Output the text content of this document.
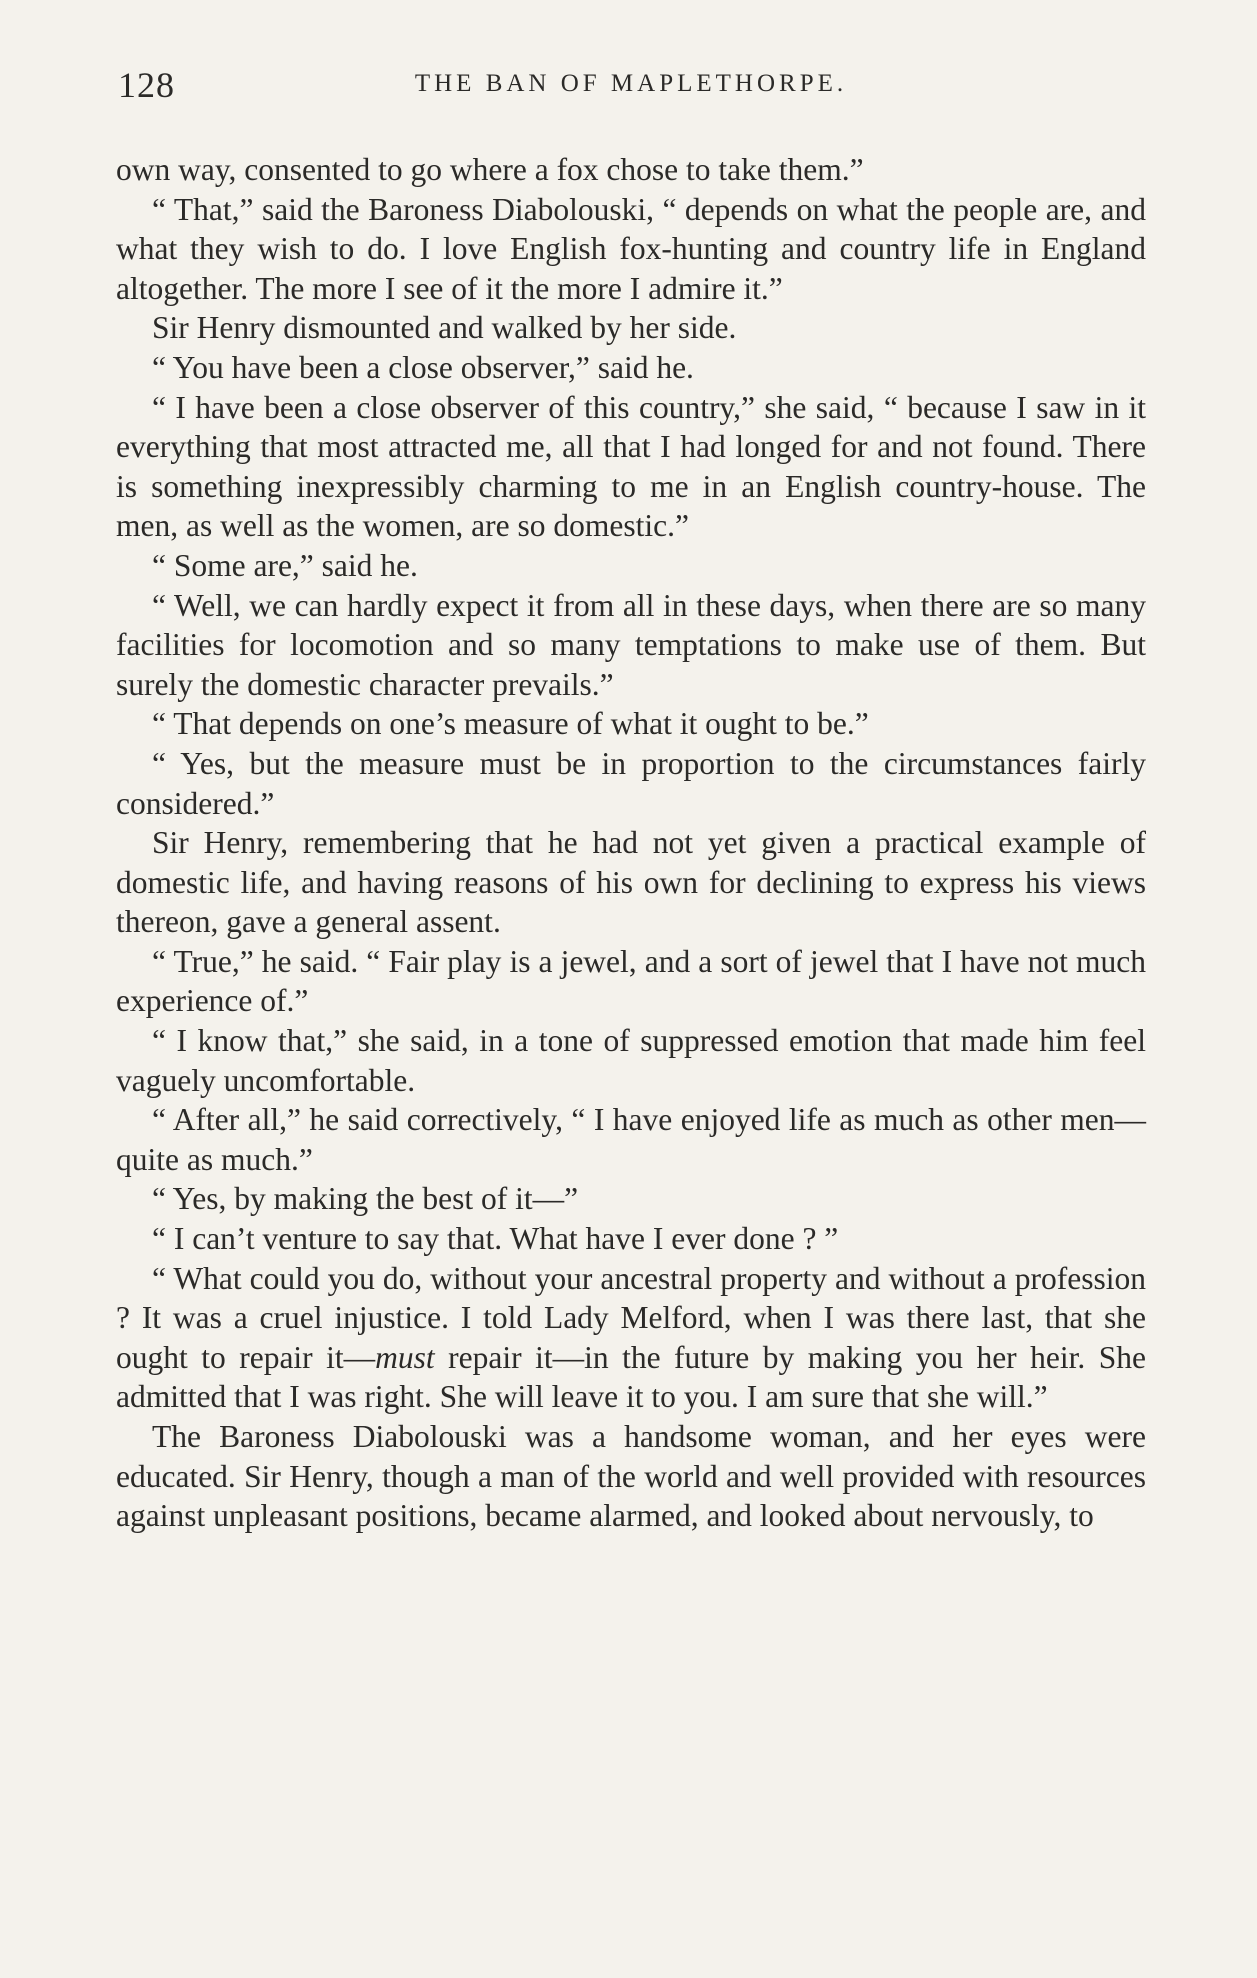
128	THE BAN OF MAPLETHORPE.

own way, consented to go where a fox chose to take them.”

“ That,” said the Baroness Diabolouski, “ depends on what the people are, and what they wish to do. I love English fox-hunting and country life in England altogether. The more I see of it the more I admire it.”

Sir Henry dismounted and walked by her side.

“ You have been a close observer,” said he.

“ I have been a close observer of this country,” she said, “ because I saw in it everything that most attracted me, all that I had longed for and not found. There is something inexpressibly charming to me in an English country-house. The men, as well as the women, are so domestic.”

“ Some are,” said he.

“ Well, we can hardly expect it from all in these days, when there are so many facilities for locomotion and so many temptations to make use of them. But surely the domestic character prevails.”

“ That depends on one’s measure of what it ought to be.”

“ Yes, but the measure must be in proportion to the circumstances fairly considered.”

Sir Henry, remembering that he had not yet given a practical example of domestic life, and having reasons of his own for declining to express his views thereon, gave a general assent.

“ True,” he said. “ Fair play is a jewel, and a sort of jewel that I have not much experience of.”

“ I know that,” she said, in a tone of suppressed emotion that made him feel vaguely uncomfortable.

“ After all,” he said correctively, “ I have enjoyed life as much as other men—quite as much.”

“ Yes, by making the best of it—”

“ I can’t venture to say that. What have I ever done ? ”

“ What could you do, without your ancestral property and without a profession ? It was a cruel injustice. I told Lady Melford, when I was there last, that she ought to repair it—must repair it—in the future by making you her heir. She admitted that I was right. She will leave it to you. I am sure that she will.”

The Baroness Diabolouski was a handsome woman, and her eyes were educated. Sir Henry, though a man of the world and well provided with resources against unpleasant positions, became alarmed, and looked about nervously, to
